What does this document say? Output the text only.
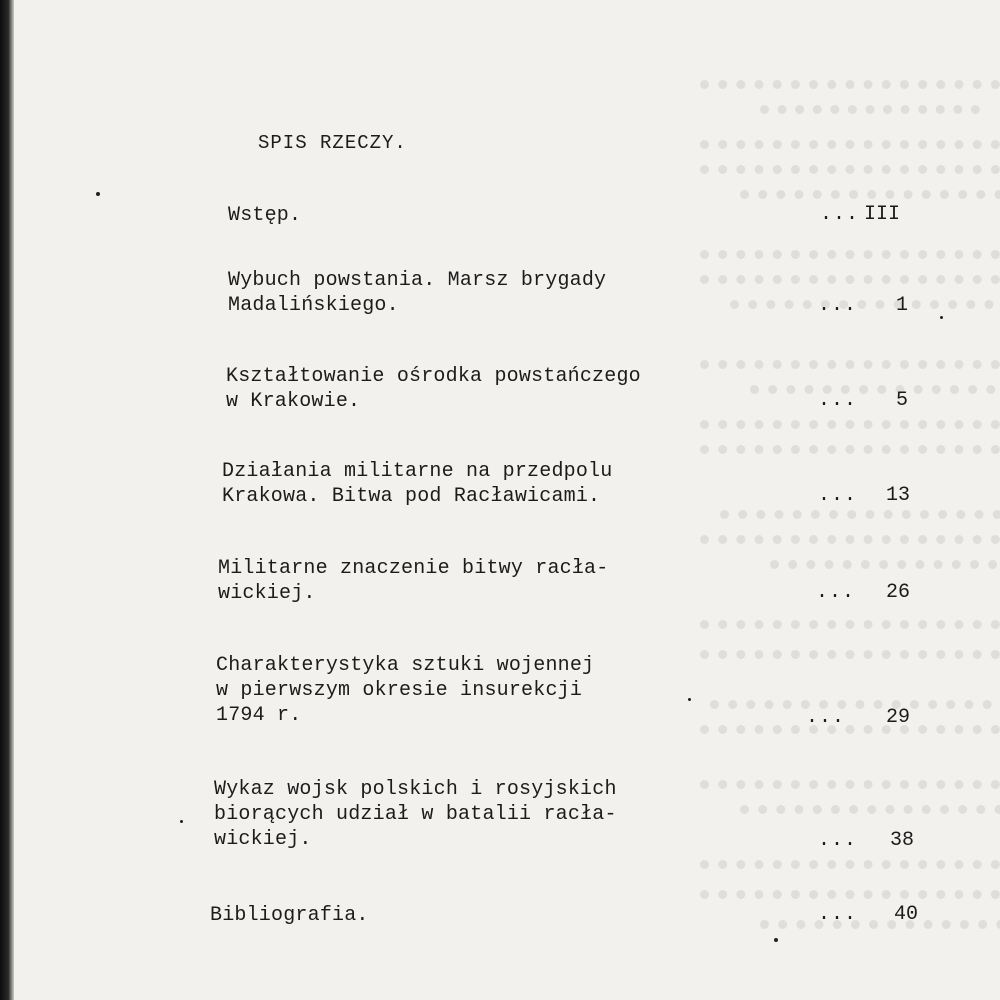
SPIS RZECZY.
Wstęp.	... III
Wybuch powstania. Marsz brygady
Madalińskiego.	... 1
Kształtowanie ośrodka powstańczego
w Krakowie.	... 5
Działania militarne na przedpolu
Krakowa. Bitwa pod Racławicami.	... 13
Militarne znaczenie bitwy racła-
wickiej.	... 26
Charakterystyka sztuki wojennej
w pierwszym okresie insurekcji
1794 r.	... 29
Wykaz wojsk polskich i rosyjskich
biorących udział w batalii racła-
wickiej.	... 38
Bibliografia.	... 40
